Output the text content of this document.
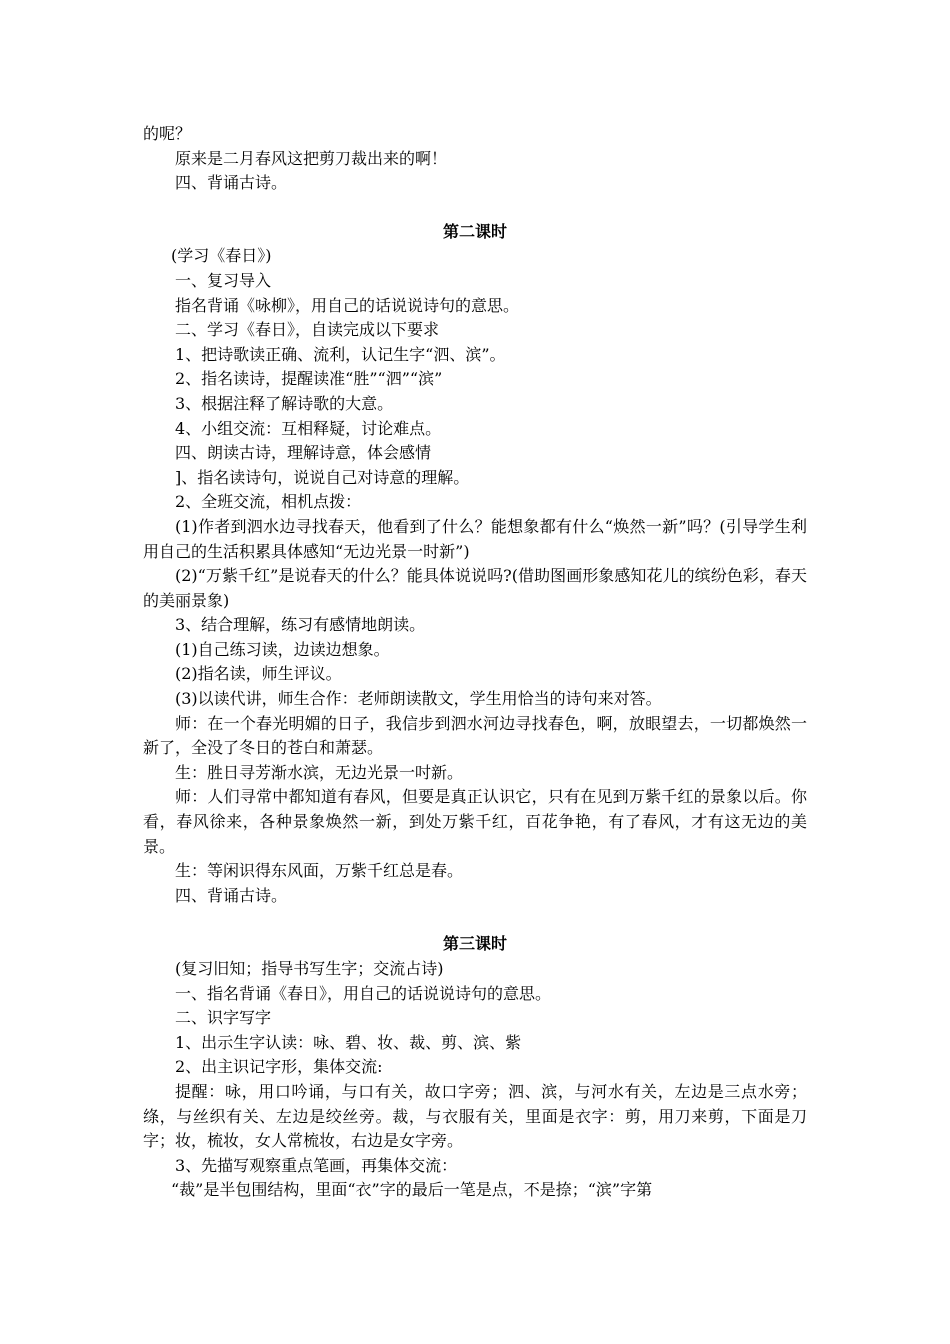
的呢？

原来是二月春风这把剪刀裁出来的啊！

四、背诵古诗。

第二课时

(学习《春日》)

一、复习导入

指名背诵《咏柳》，用自己的话说说诗句的意思。

二、学习《春日》，自读完成以下要求

1、把诗歌读正确、流利，认记生字“泗、滨”。

2、指名读诗，提醒读准“胜”“泗”“滨”

3、根据注释了解诗歌的大意。

4、小组交流：互相释疑，讨论难点。

四、朗读古诗，理解诗意，体会感情

]、指名读诗句，说说自己对诗意的理解。

2、全班交流，相机点拨：

(1)作者到泗水边寻找春天，他看到了什么？能想象都有什么“焕然一新”吗？(引导学生利用自己的生活积累具体感知“无边光景一时新”)

(2)“万紫千红”是说春天的什么？能具体说说吗?(借助图画形象感知花儿的缤纷色彩，春天的美丽景象)

3、结合理解，练习有感情地朗读。

(1)自己练习读，边读边想象。

(2)指名读，师生评议。

(3)以读代讲，师生合作：老师朗读散文，学生用恰当的诗句来对答。

师：在一个春光明媚的日子，我信步到泗水河边寻找春色，啊，放眼望去，一切都焕然一新了，全没了冬日的苍白和萧瑟。

生：胜日寻芳渐水滨，无边光景一吋新。

师：人们寻常中都知道有春风，但要是真正认识它，只有在见到万紫千红的景象以后。你看，春风徐来，各种景象焕然一新，到处万紫千红，百花争艳，有了春风，才有这无边的美景。

生：等闲识得东风面，万紫千红总是春。

四、背诵古诗。

第三课时

(复习旧知；指导书写生字；交流占诗)

一、指名背诵《春日》，用自己的话说说诗句的意思。

二、识字写字

1、出示生字认读：咏、碧、妆、裁、剪、滨、紫

2、出主识记字形，集体交流:

提醒：咏，用口吟诵，与口有关，故口字旁；泗、滨，与河水有关，左边是三点水旁；绦，与丝织有关、左边是绞丝旁。裁，与衣服有关，里面是衣字：剪，用刀来剪，下面是刀字；妆，梳妆，女人常梳妆，右边是女字旁。

3、先描写观察重点笔画，再集体交流：

“裁”是半包围结构，里面“衣”字的最后一笔是点，不是捺；“滨”字第
